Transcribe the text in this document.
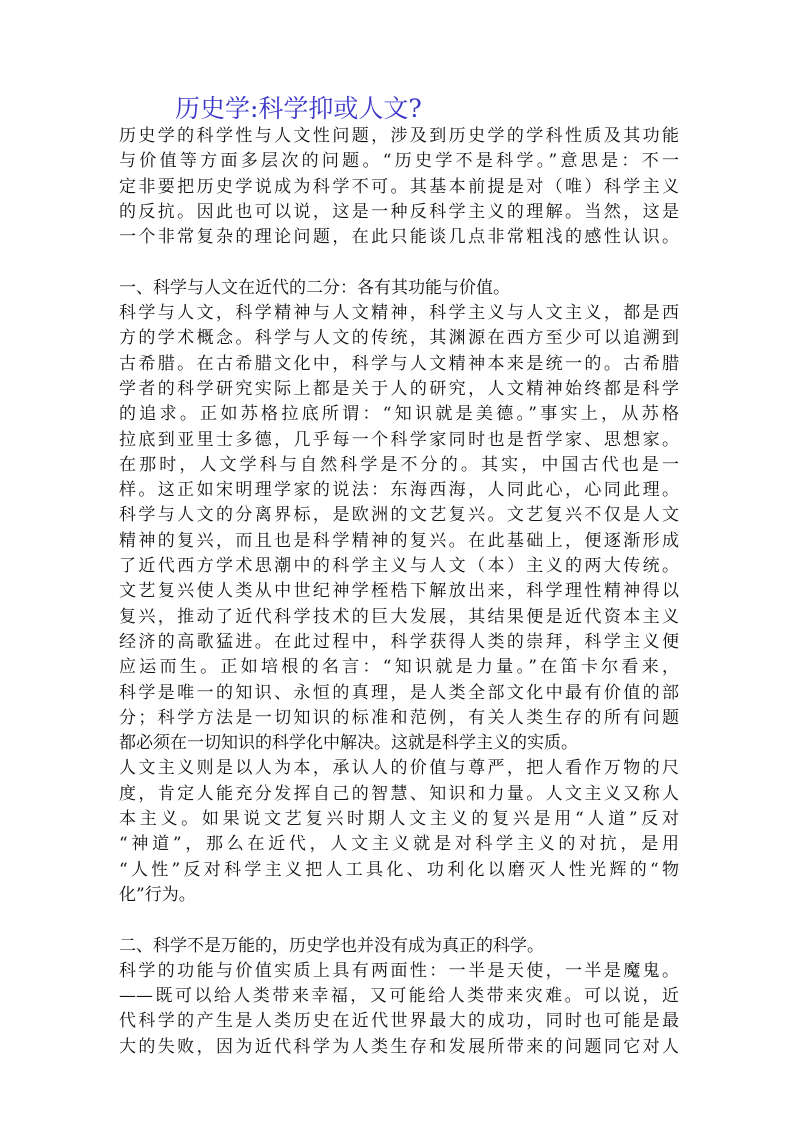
历史学:科学抑或人文?
历史学的科学性与人文性问题，涉及到历史学的学科性质及其功能
与价值等方面多层次的问题。“历史学不是科学。”意思是：不一
定非要把历史学说成为科学不可。其基本前提是对（唯）科学主义
的反抗。因此也可以说，这是一种反科学主义的理解。当然，这是
一个非常复杂的理论问题，在此只能谈几点非常粗浅的感性认识。
一、科学与人文在近代的二分：各有其功能与价值。
科学与人文，科学精神与人文精神，科学主义与人文主义，都是西
方的学术概念。科学与人文的传统，其渊源在西方至少可以追溯到
古希腊。在古希腊文化中，科学与人文精神本来是统一的。古希腊
学者的科学研究实际上都是关于人的研究，人文精神始终都是科学
的追求。正如苏格拉底所谓：“知识就是美德。”事实上，从苏格
拉底到亚里士多德，几乎每一个科学家同时也是哲学家、思想家。
在那时，人文学科与自然科学是不分的。其实，中国古代也是一
样。这正如宋明理学家的说法：东海西海，人同此心，心同此理。
科学与人文的分离界标，是欧洲的文艺复兴。文艺复兴不仅是人文
精神的复兴，而且也是科学精神的复兴。在此基础上，便逐渐形成
了近代西方学术思潮中的科学主义与人文（本）主义的两大传统。
文艺复兴使人类从中世纪神学桎梏下解放出来，科学理性精神得以
复兴，推动了近代科学技术的巨大发展，其结果便是近代资本主义
经济的高歌猛进。在此过程中，科学获得人类的崇拜，科学主义便
应运而生。正如培根的名言：“知识就是力量。”在笛卡尔看来，
科学是唯一的知识、永恒的真理，是人类全部文化中最有价值的部
分；科学方法是一切知识的标准和范例，有关人类生存的所有问题
都必须在一切知识的科学化中解决。这就是科学主义的实质。
人文主义则是以人为本，承认人的价值与尊严，把人看作万物的尺
度，肯定人能充分发挥自己的智慧、知识和力量。人文主义又称人
本主义。如果说文艺复兴时期人文主义的复兴是用“人道”反对
“神道”，那么在近代，人文主义就是对科学主义的对抗，是用
“人性”反对科学主义把人工具化、功利化以磨灭人性光辉的“物
化”行为。
二、科学不是万能的，历史学也并没有成为真正的科学。
科学的功能与价值实质上具有两面性：一半是天使，一半是魔鬼。
——既可以给人类带来幸福，又可能给人类带来灾难。可以说，近
代科学的产生是人类历史在近代世界最大的成功，同时也可能是最
大的失败，因为近代科学为人类生存和发展所带来的问题同它对人
